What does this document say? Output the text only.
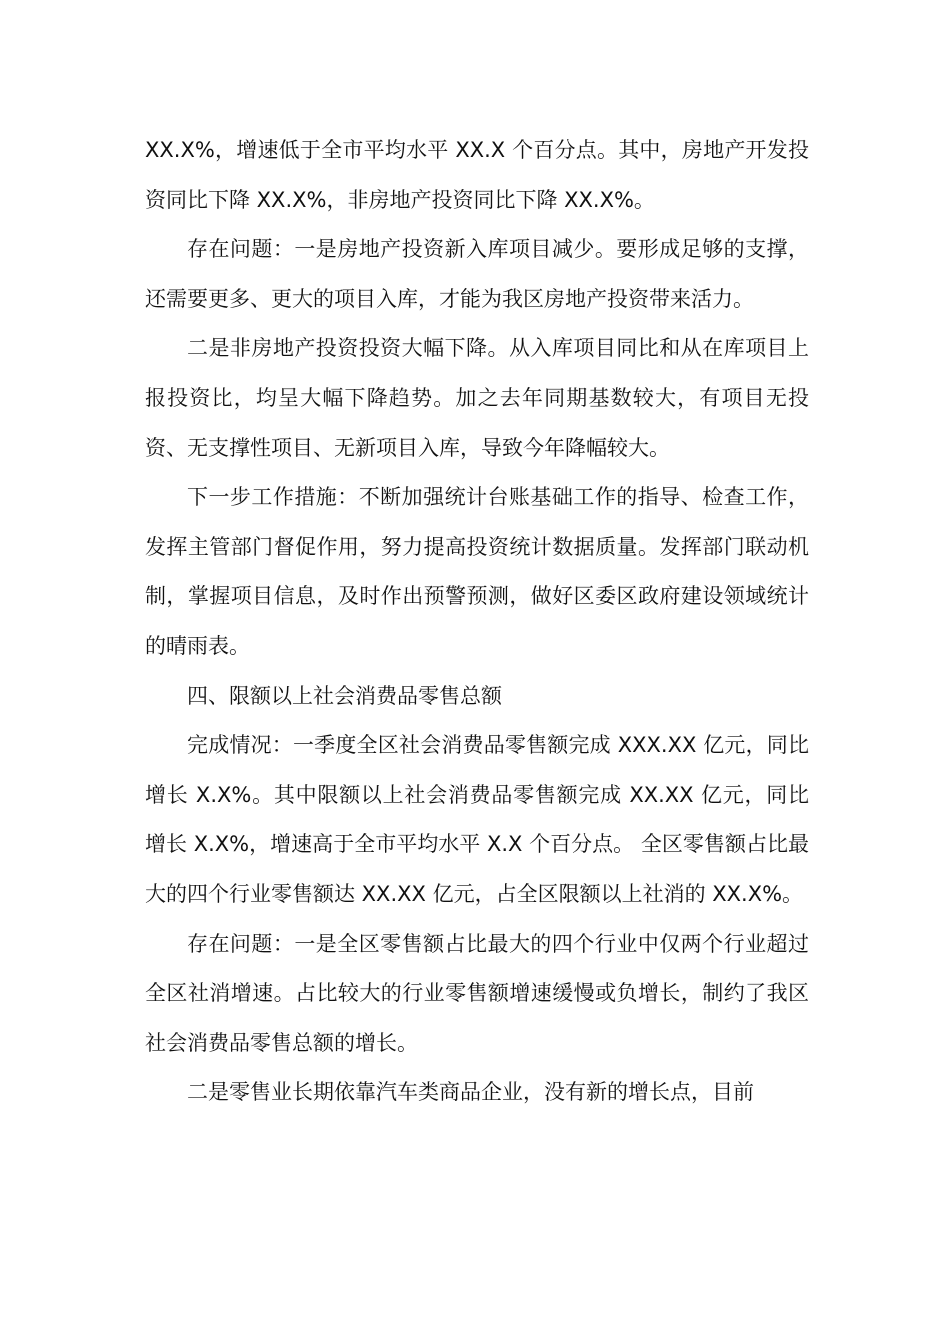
XX.X%，增速低于全市平均水平 XX.X 个百分点。其中，房地产开发投资同比下降 XX.X%，非房地产投资同比下降 XX.X%。

存在问题：一是房地产投资新入库项目减少。要形成足够的支撑，还需要更多、更大的项目入库，才能为我区房地产投资带来活力。

二是非房地产投资投资大幅下降。从入库项目同比和从在库项目上报投资比，均呈大幅下降趋势。加之去年同期基数较大，有项目无投资、无支撑性项目、无新项目入库，导致今年降幅较大。

下一步工作措施：不断加强统计台账基础工作的指导、检查工作，发挥主管部门督促作用，努力提高投资统计数据质量。发挥部门联动机制，掌握项目信息，及时作出预警预测，做好区委区政府建设领域统计的晴雨表。

四、限额以上社会消费品零售总额

完成情况：一季度全区社会消费品零售额完成 XXX.XX 亿元，同比增长 X.X%。其中限额以上社会消费品零售额完成 XX.XX 亿元，同比增长 X.X%，增速高于全市平均水平 X.X 个百分点。 全区零售额占比最大的四个行业零售额达 XX.XX 亿元，占全区限额以上社消的 XX.X%。

存在问题：一是全区零售额占比最大的四个行业中仅两个行业超过全区社消增速。占比较大的行业零售额增速缓慢或负增长，制约了我区社会消费品零售总额的增长。

二是零售业长期依靠汽车类商品企业，没有新的增长点，目前
